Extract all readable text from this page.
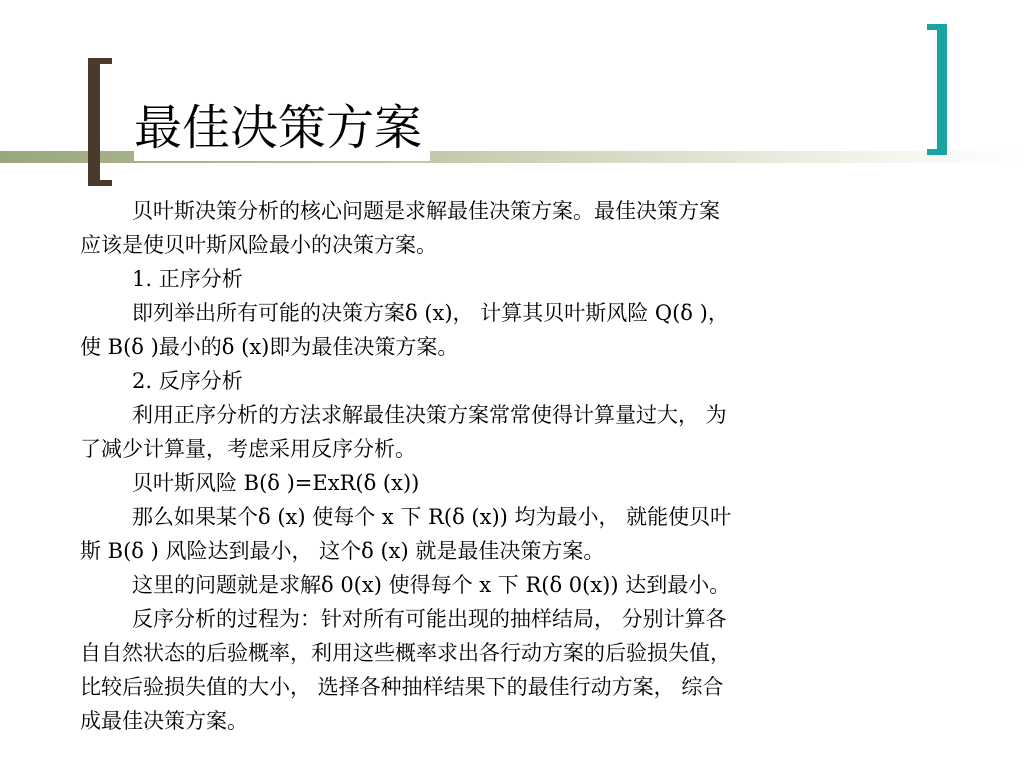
最佳决策方案
贝叶斯决策分析的核心问题是求解最佳决策方案。最佳决策方案
应该是使贝叶斯风险最小的决策方案。
1. 正序分析
即列举出所有可能的决策方案δ (x)， 计算其贝叶斯风险 Q(δ )，
使 B(δ )最小的δ (x)即为最佳决策方案。
2. 反序分析
利用正序分析的方法求解最佳决策方案常常使得计算量过大， 为
了减少计算量，考虑采用反序分析。
贝叶斯风险 B(δ )=ExR(δ (x))
那么如果某个δ (x) 使每个 x 下 R(δ (x)) 均为最小， 就能使贝叶
斯 B(δ ) 风险达到最小， 这个δ (x) 就是最佳决策方案。
这里的问题就是求解δ 0(x) 使得每个 x 下 R(δ 0(x)) 达到最小。
反序分析的过程为：针对所有可能出现的抽样结局， 分别计算各
自自然状态的后验概率，利用这些概率求出各行动方案的后验损失值，
比较后验损失值的大小， 选择各种抽样结果下的最佳行动方案， 综合
成最佳决策方案。
